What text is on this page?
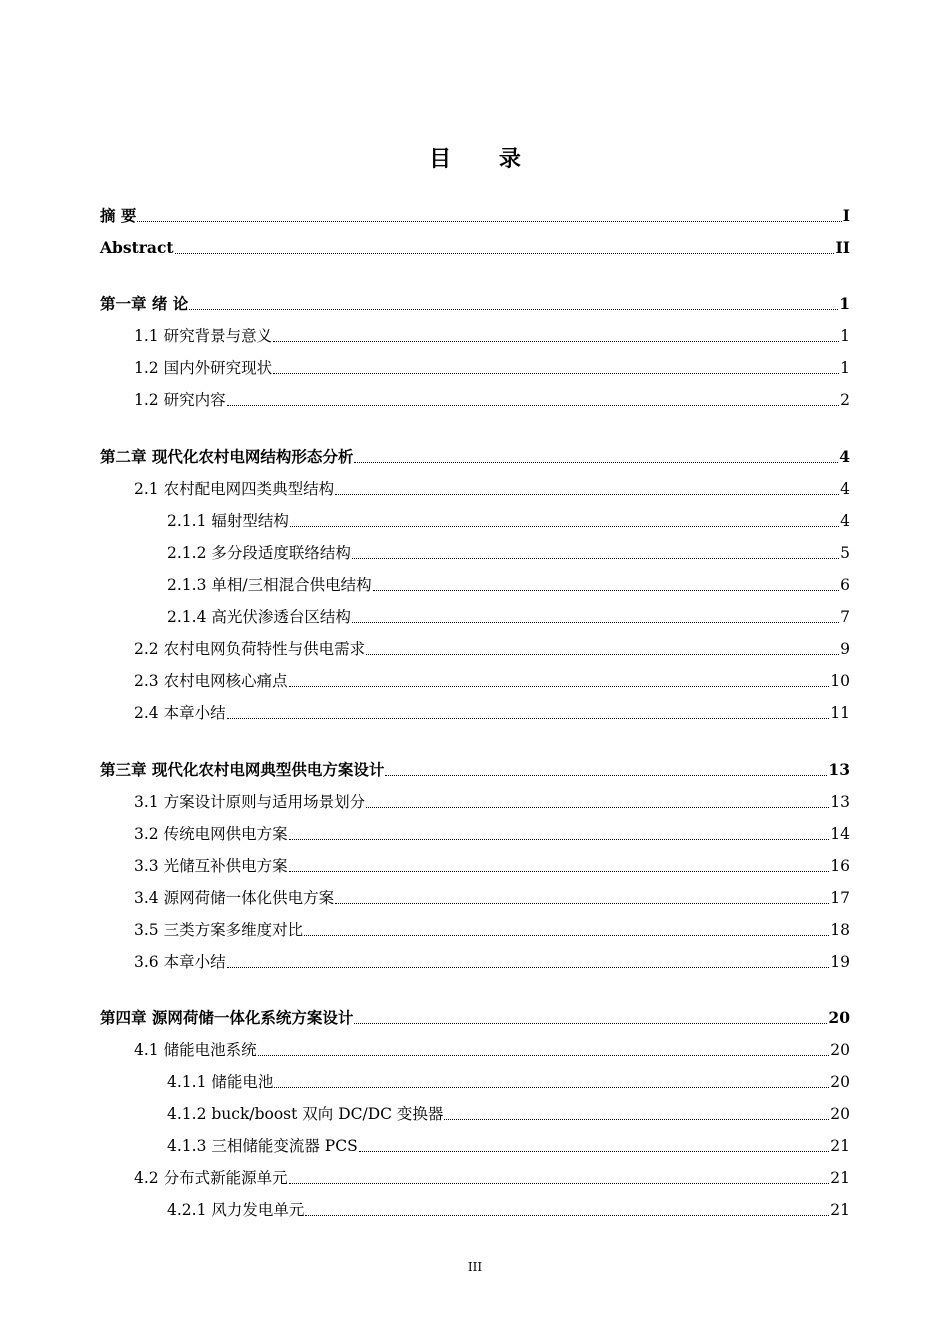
目 录
摘 要	I
Abstract	II
第一章 绪 论	1
1.1 研究背景与意义	1
1.2 国内外研究现状	1
1.2 研究内容	2
第二章 现代化农村电网结构形态分析	4
2.1 农村配电网四类典型结构	4
2.1.1 辐射型结构	4
2.1.2 多分段适度联络结构	5
2.1.3 单相/三相混合供电结构	6
2.1.4 高光伏渗透台区结构	7
2.2 农村电网负荷特性与供电需求	9
2.3 农村电网核心痛点	10
2.4 本章小结	11
第三章 现代化农村电网典型供电方案设计	13
3.1 方案设计原则与适用场景划分	13
3.2 传统电网供电方案	14
3.3 光储互补供电方案	16
3.4 源网荷储一体化供电方案	17
3.5 三类方案多维度对比	18
3.6 本章小结	19
第四章 源网荷储一体化系统方案设计	20
4.1 储能电池系统	20
4.1.1 储能电池	20
4.1.2 buck/boost 双向 DC/DC 变换器	20
4.1.3 三相储能变流器 PCS	21
4.2 分布式新能源单元	21
4.2.1 风力发电单元	21
III
